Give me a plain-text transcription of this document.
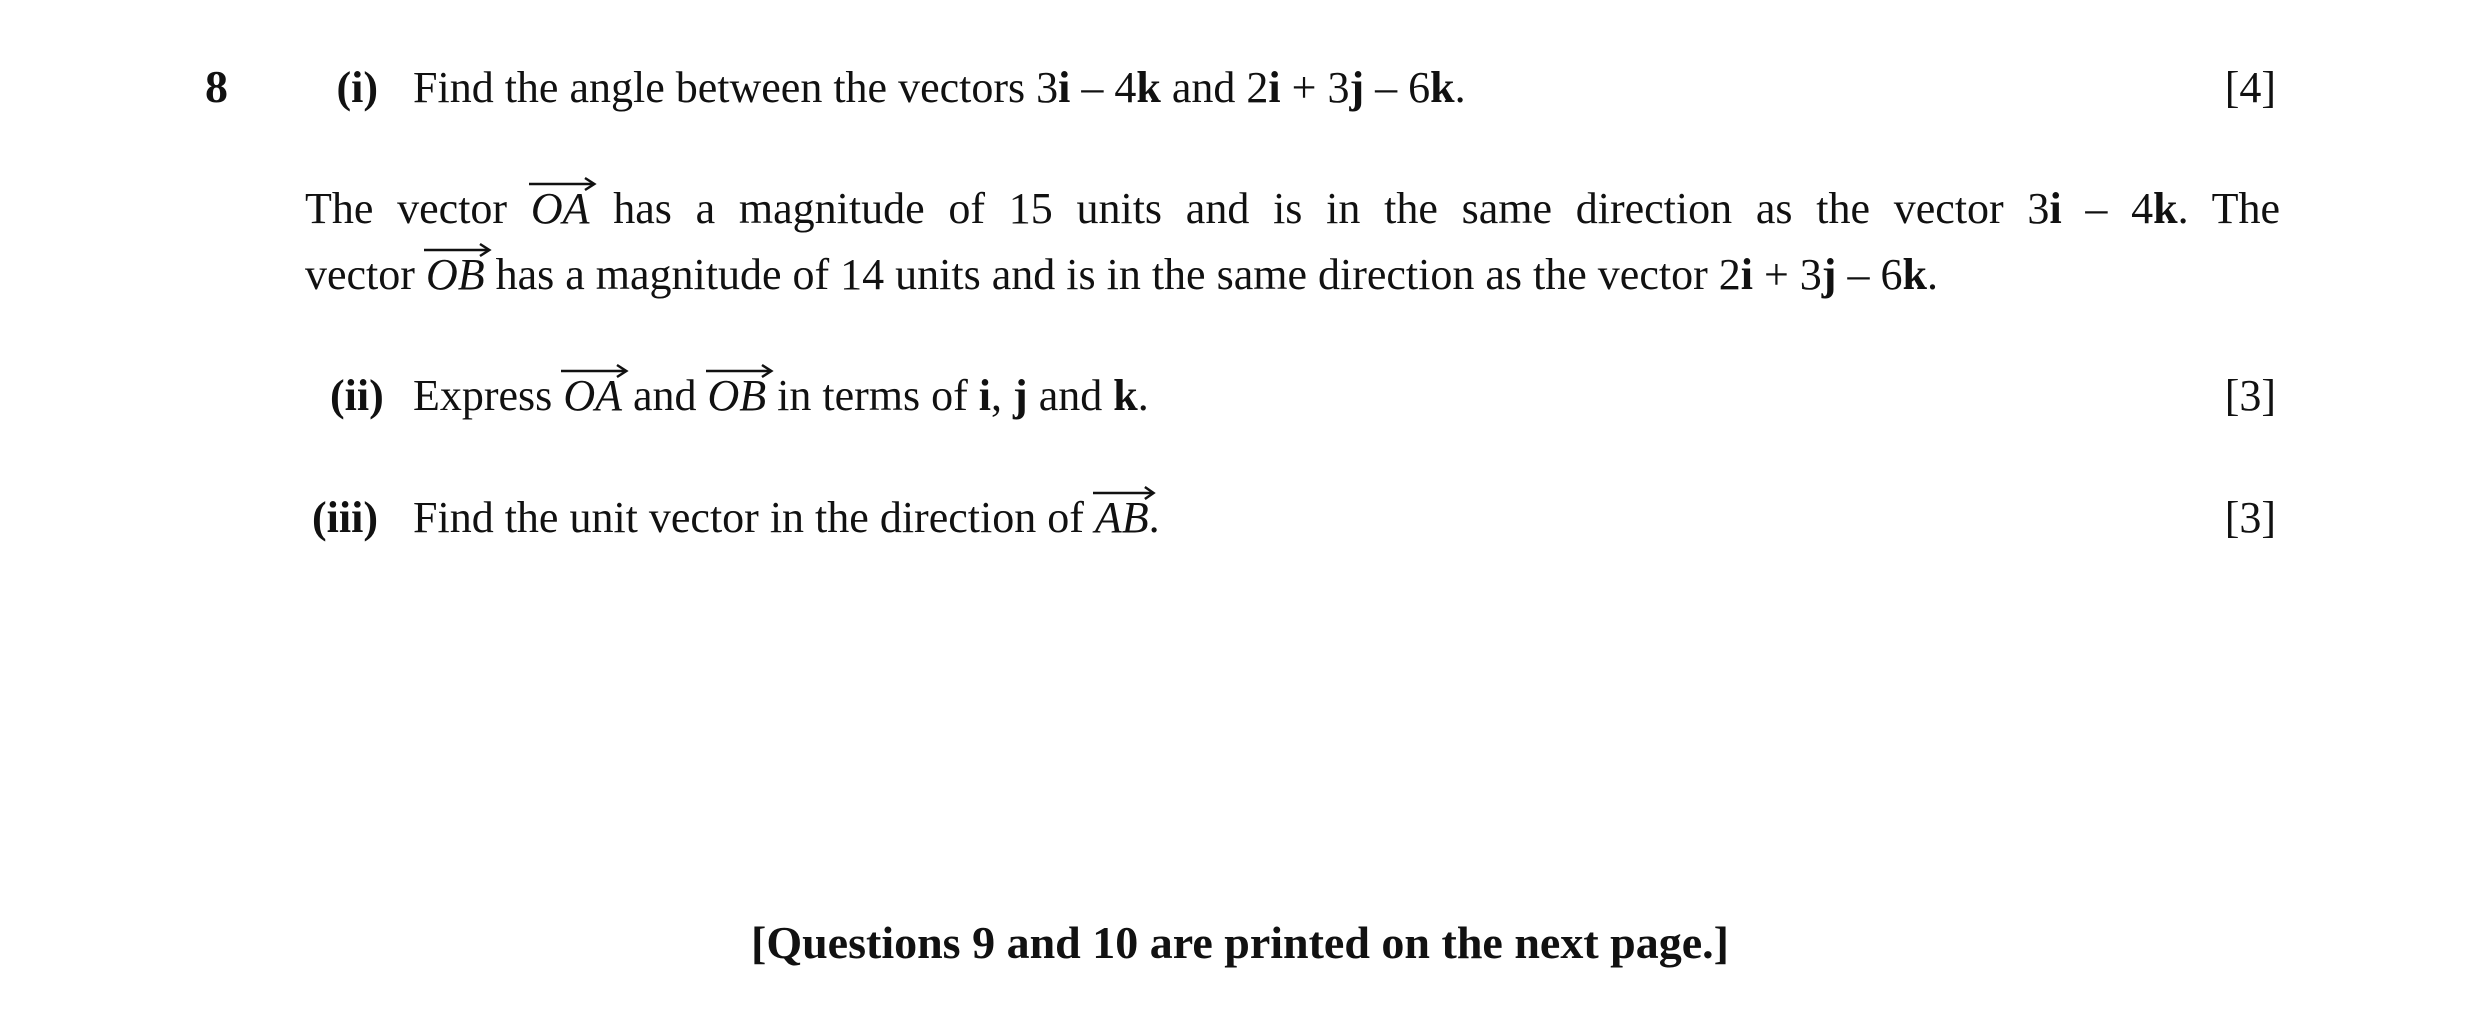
8 (i) Find the angle between the vectors 3i – 4k and 2i + 3j – 6k.	[4]
The vector
OA has a magnitude of 15 units and is in the same direction as the vector 3i – 4k. The
vector
OB has a magnitude of 14 units and is in the same direction as the vector 2i + 3j – 6k.
(ii) Express
OA and
OB in terms of i, j and k.	[3]
(iii) Find the unit vector in the direction of
AB.	[3]
[Questions 9 and 10 are printed on the next page.]
